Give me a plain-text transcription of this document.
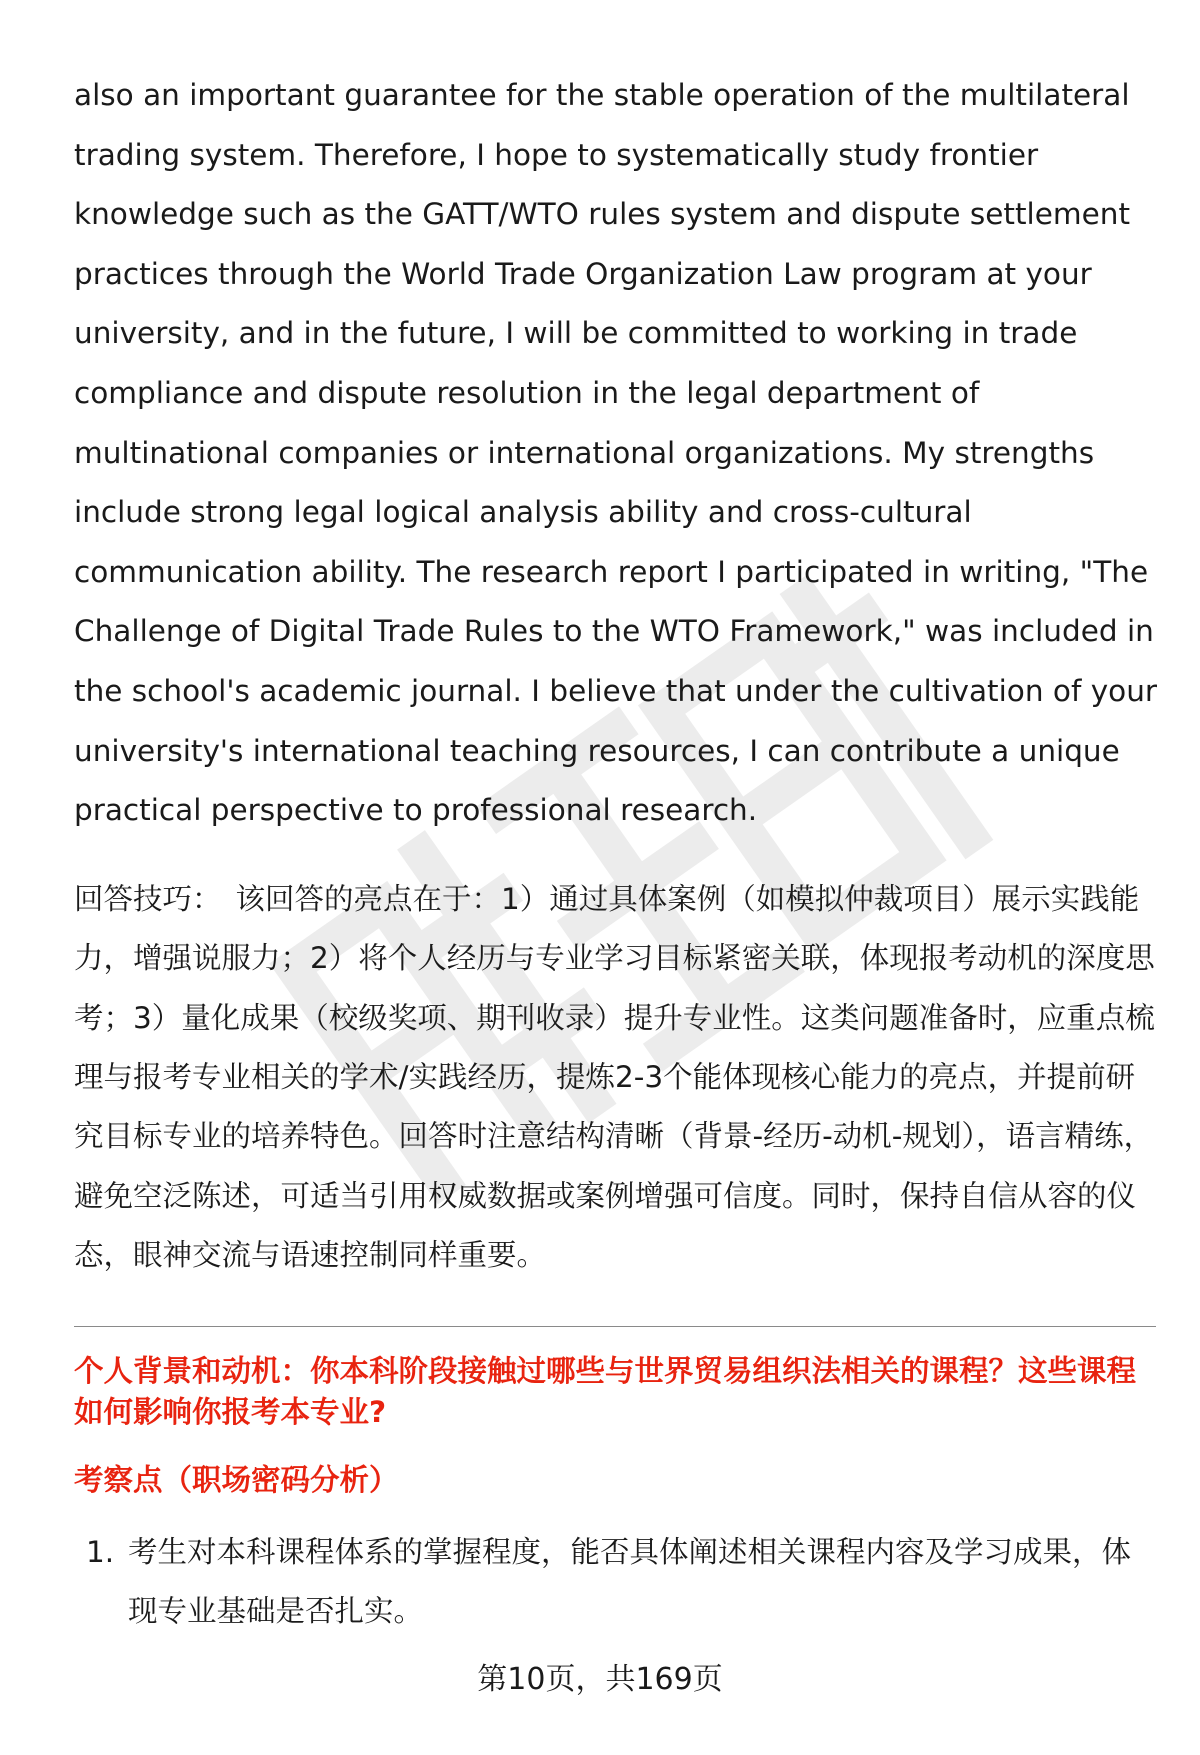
also an important guarantee for the stable operation of the multilateral trading system. Therefore, I hope to systematically study frontier knowledge such as the GATT/WTO rules system and dispute settlement practices through the World Trade Organization Law program at your university, and in the future, I will be committed to working in trade compliance and dispute resolution in the legal department of multinational companies or international organizations. My strengths include strong legal logical analysis ability and cross-cultural communication ability. The research report I participated in writing, "The Challenge of Digital Trade Rules to the WTO Framework," was included in the school's academic journal. I believe that under the cultivation of your university's international teaching resources, I can contribute a unique practical perspective to professional research.

回答技巧： 该回答的亮点在于：1）通过具体案例（如模拟仲裁项目）展示实践能力，增强说服力；2）将个人经历与专业学习目标紧密关联，体现报考动机的深度思考；3）量化成果（校级奖项、期刊收录）提升专业性。这类问题准备时，应重点梳理与报考专业相关的学术/实践经历，提炼2-3个能体现核心能力的亮点，并提前研究目标专业的培养特色。回答时注意结构清晰（背景-经历-动机-规划），语言精练，避免空泛陈述，可适当引用权威数据或案例增强可信度。同时，保持自信从容的仪态，眼神交流与语速控制同样重要。

个人背景和动机：你本科阶段接触过哪些与世界贸易组织法相关的课程？这些课程如何影响你报考本专业?
考察点（职场密码分析）
1. 考生对本科课程体系的掌握程度，能否具体阐述相关课程内容及学习成果，体现专业基础是否扎实。
第10页，共169页
